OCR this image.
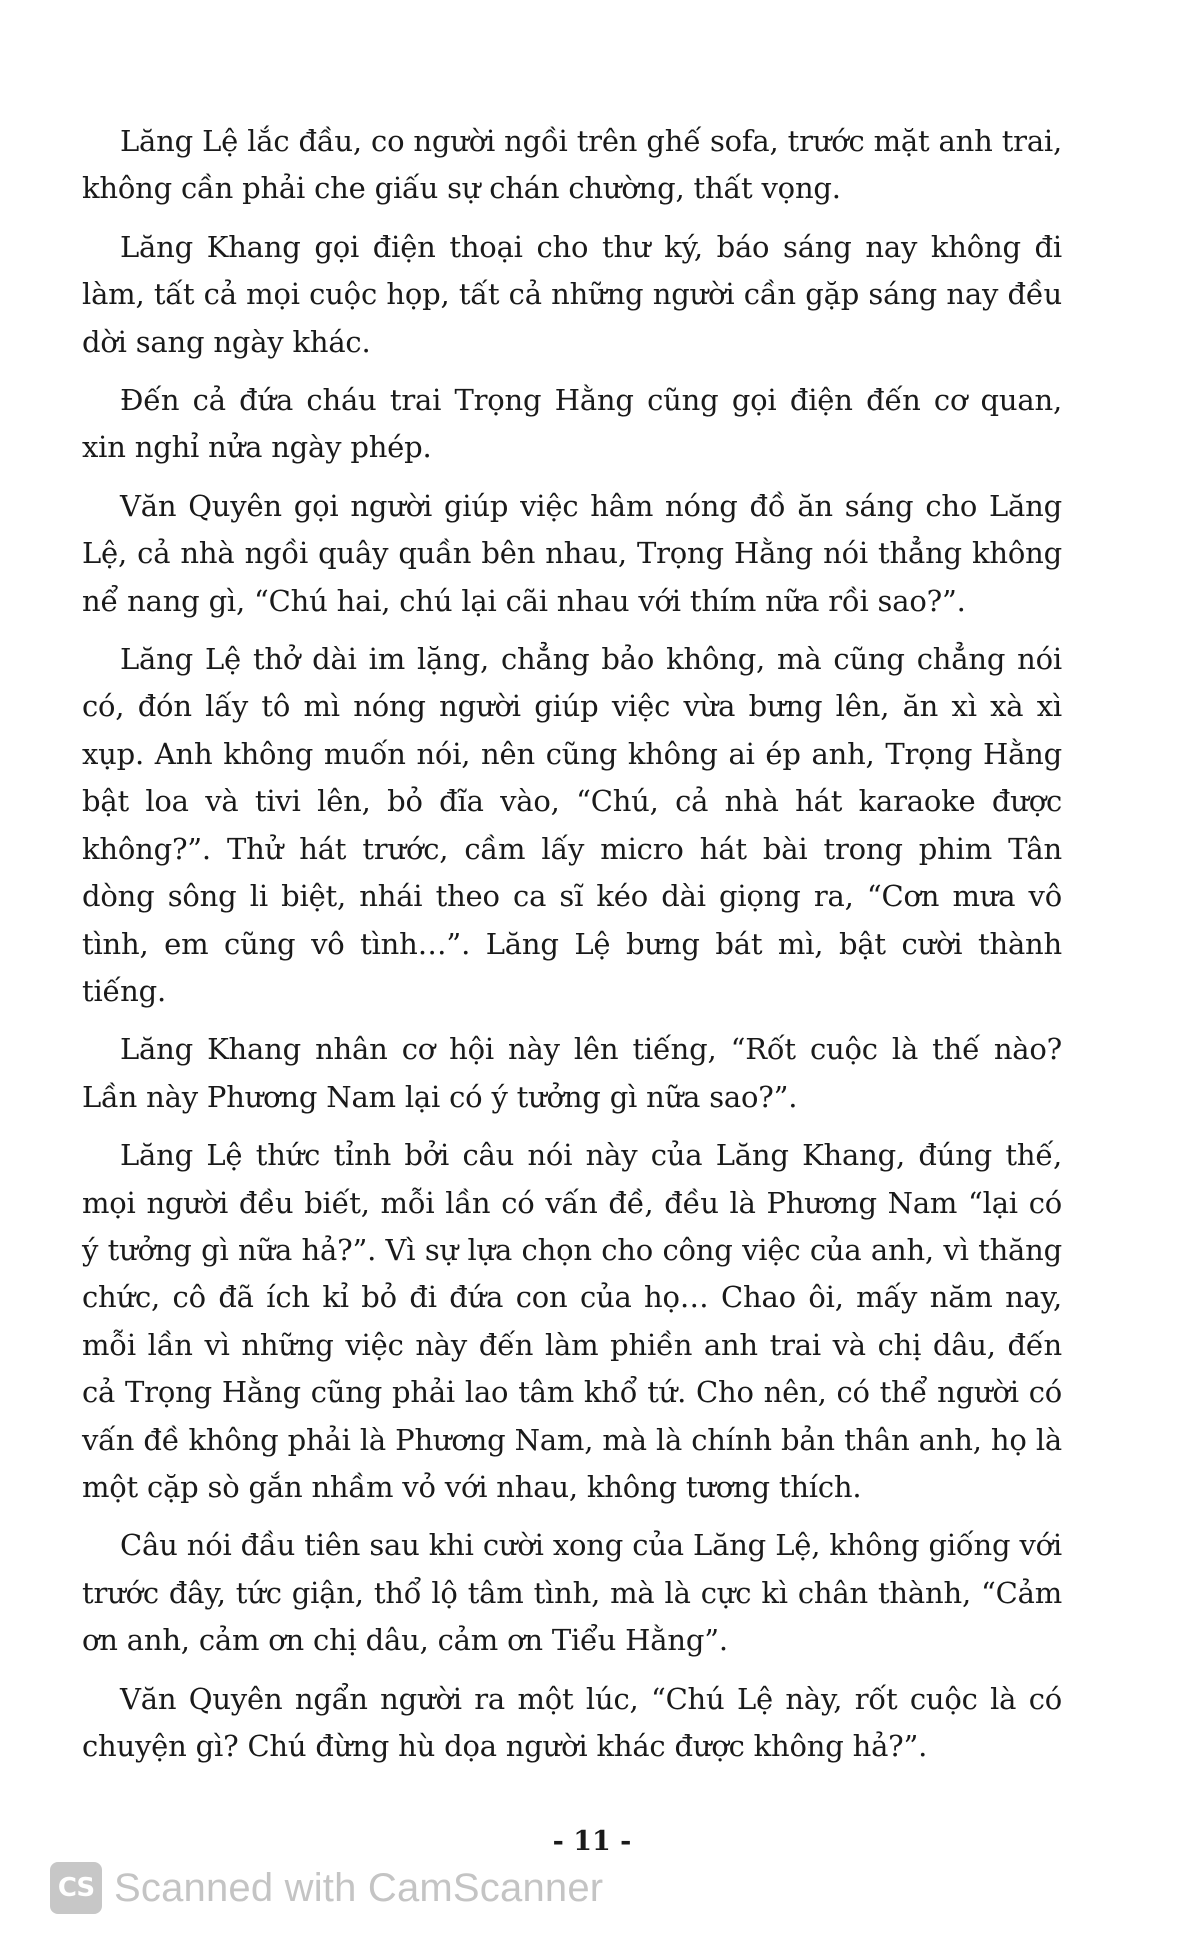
Lăng Lệ lắc đầu, co người ngồi trên ghế sofa, trước mặt anh trai, không cần phải che giấu sự chán chường, thất vọng.

Lăng Khang gọi điện thoại cho thư ký, báo sáng nay không đi làm, tất cả mọi cuộc họp, tất cả những người cần gặp sáng nay đều dời sang ngày khác.

Đến cả đứa cháu trai Trọng Hằng cũng gọi điện đến cơ quan, xin nghỉ nửa ngày phép.

Văn Quyên gọi người giúp việc hâm nóng đồ ăn sáng cho Lăng Lệ, cả nhà ngồi quây quần bên nhau, Trọng Hằng nói thẳng không nể nang gì, “Chú hai, chú lại cãi nhau với thím nữa rồi sao?”.

Lăng Lệ thở dài im lặng, chẳng bảo không, mà cũng chẳng nói có, đón lấy tô mì nóng người giúp việc vừa bưng lên, ăn xì xà xì xụp. Anh không muốn nói, nên cũng không ai ép anh, Trọng Hằng bật loa và tivi lên, bỏ đĩa vào, “Chú, cả nhà hát karaoke được không?”. Thử hát trước, cầm lấy micro hát bài trong phim Tân dòng sông li biệt, nhái theo ca sĩ kéo dài giọng ra, “Cơn mưa vô tình, em cũng vô tình…”. Lăng Lệ bưng bát mì, bật cười thành tiếng.

Lăng Khang nhân cơ hội này lên tiếng, “Rốt cuộc là thế nào? Lần này Phương Nam lại có ý tưởng gì nữa sao?”.

Lăng Lệ thức tỉnh bởi câu nói này của Lăng Khang, đúng thế, mọi người đều biết, mỗi lần có vấn đề, đều là Phương Nam “lại có ý tưởng gì nữa hả?”. Vì sự lựa chọn cho công việc của anh, vì thăng chức, cô đã ích kỉ bỏ đi đứa con của họ… Chao ôi, mấy năm nay, mỗi lần vì những việc này đến làm phiền anh trai và chị dâu, đến cả Trọng Hằng cũng phải lao tâm khổ tứ. Cho nên, có thể người có vấn đề không phải là Phương Nam, mà là chính bản thân anh, họ là một cặp sò gắn nhầm vỏ với nhau, không tương thích.

Câu nói đầu tiên sau khi cười xong của Lăng Lệ, không giống với trước đây, tức giận, thổ lộ tâm tình, mà là cực kì chân thành, “Cảm ơn anh, cảm ơn chị dâu, cảm ơn Tiểu Hằng”.

Văn Quyên ngẩn người ra một lúc, “Chú Lệ này, rốt cuộc là có chuyện gì? Chú đừng hù dọa người khác được không hả?”.

- 11 -
CS Scanned with CamScanner
